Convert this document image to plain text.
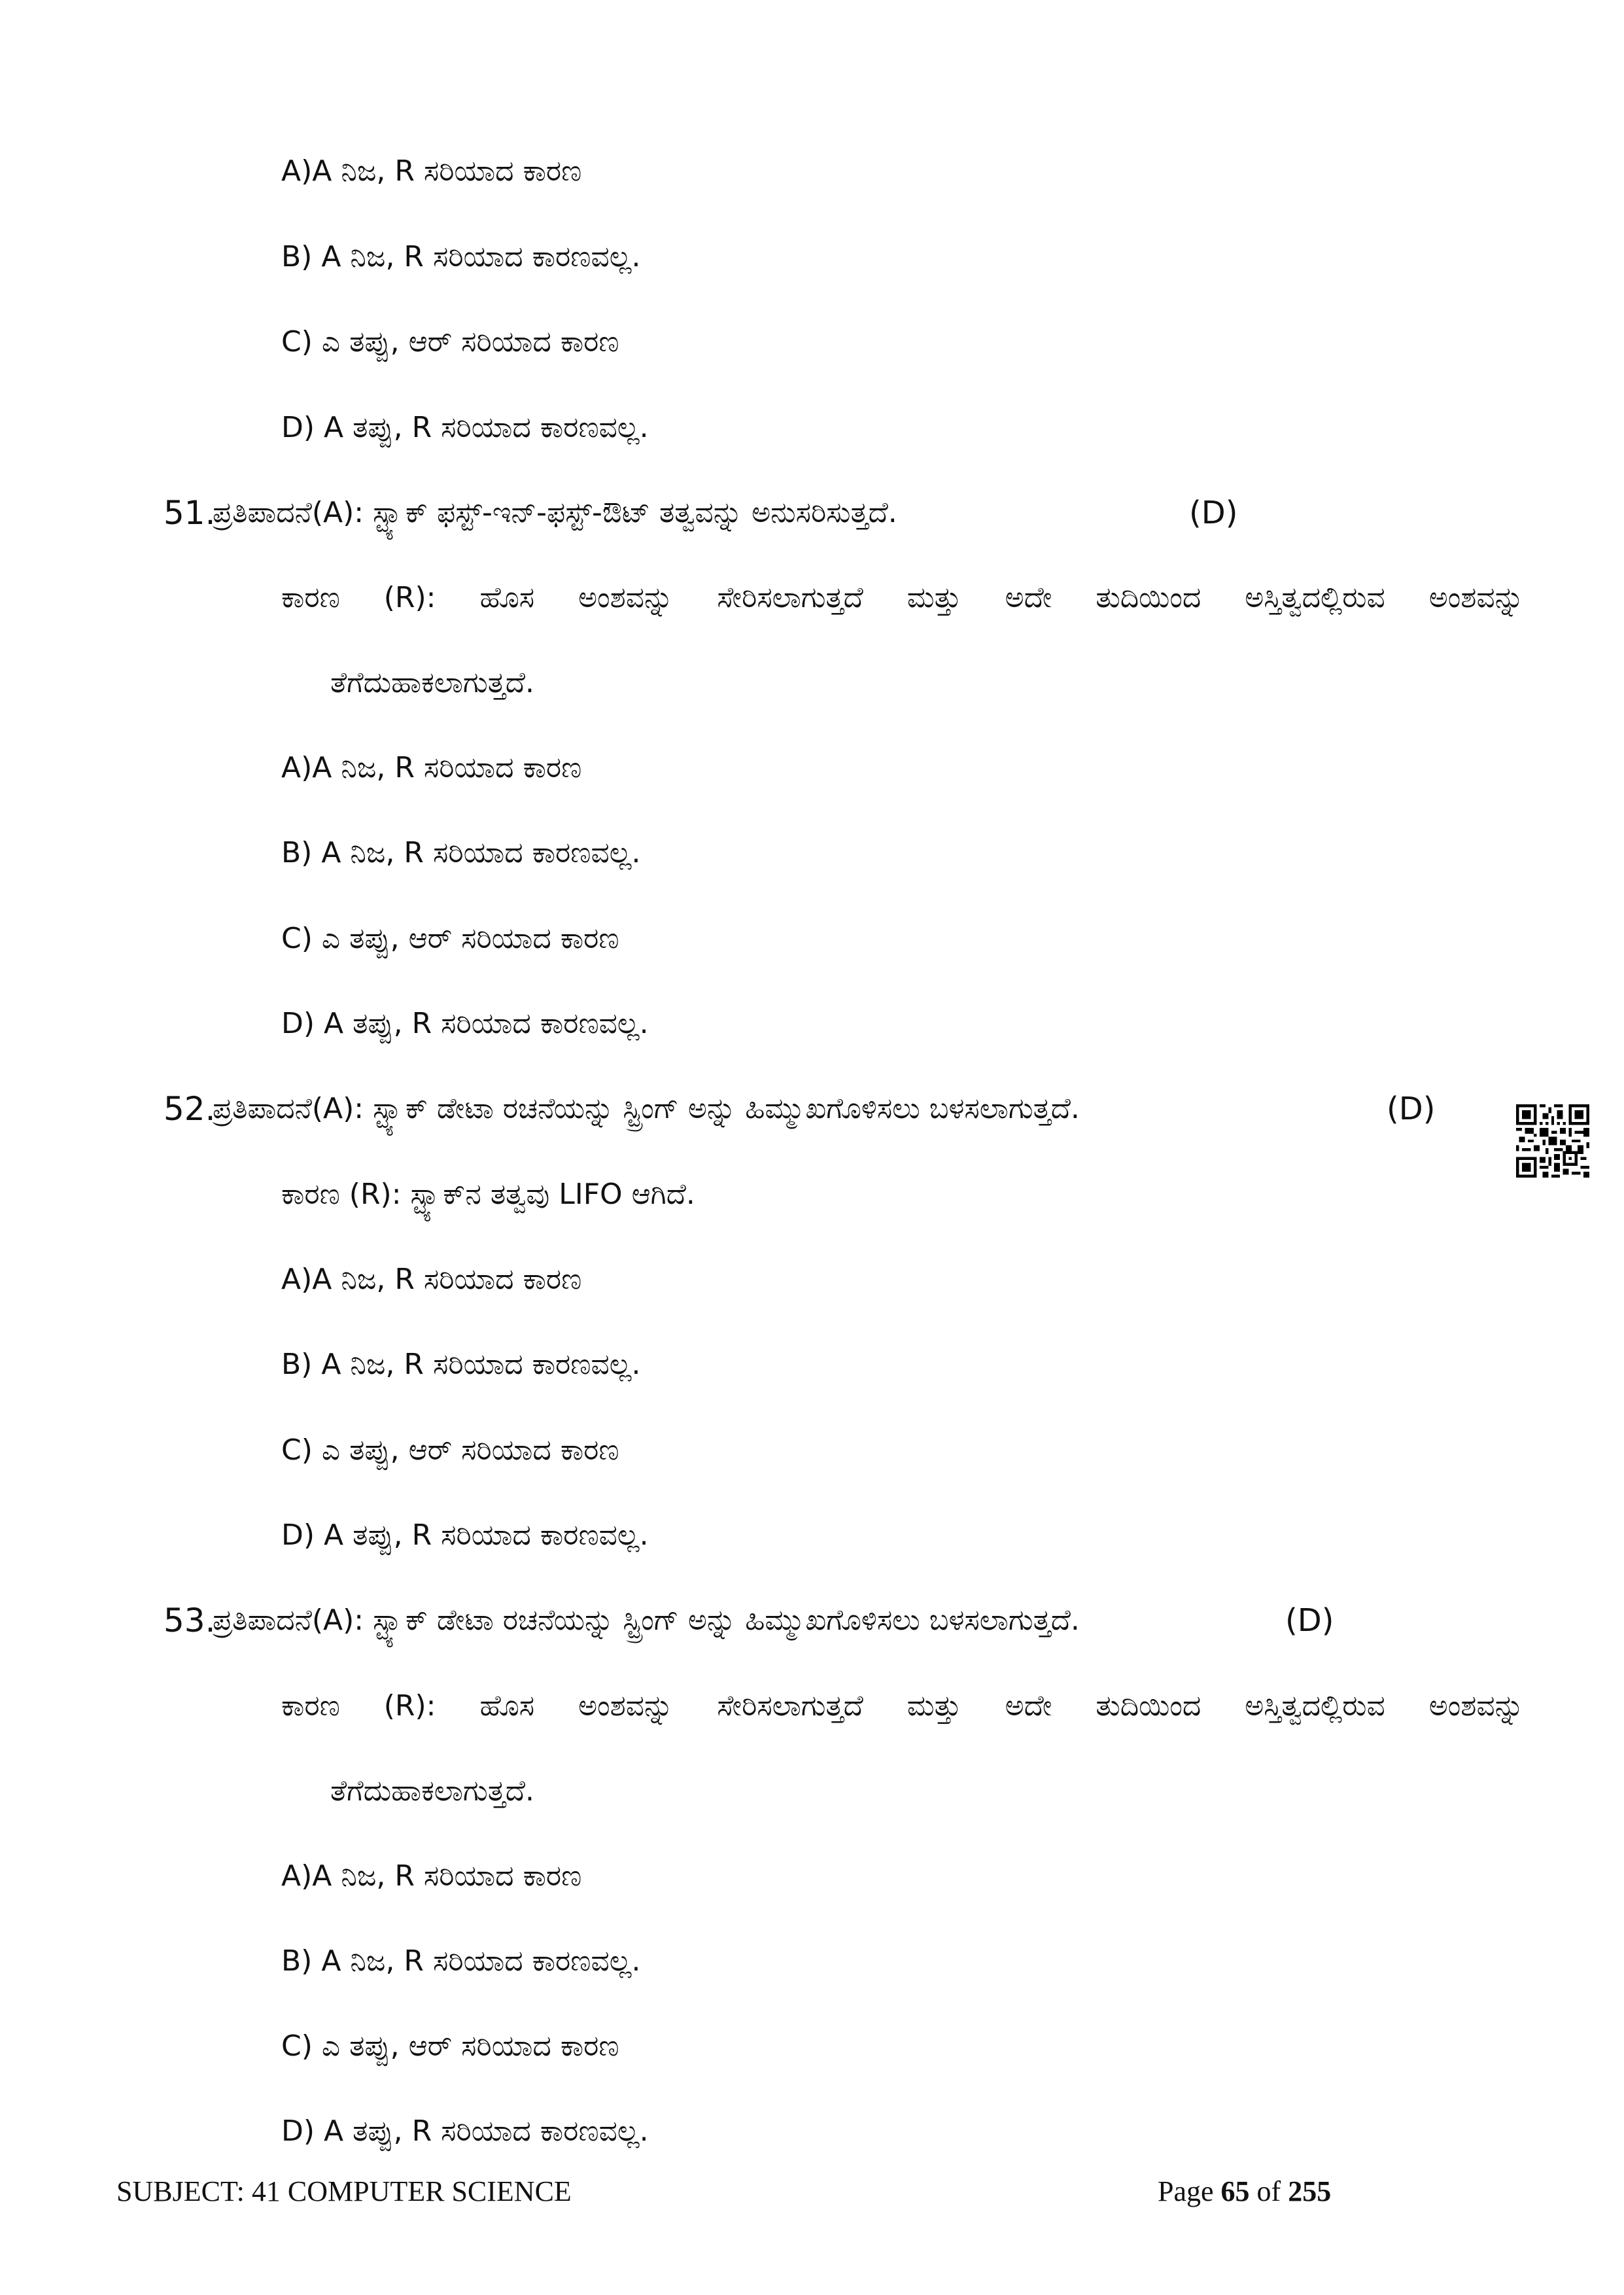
A)A ನಿಜ, R ಸರಿಯಾದ ಕಾರಣ
B) A ನಿಜ, R ಸರಿಯಾದ ಕಾರಣವಲ್ಲ.
C) ಎ ತಪ್ಪು, ಆರ್ ಸರಿಯಾದ ಕಾರಣ
D) A ತಪ್ಪು, R ಸರಿಯಾದ ಕಾರಣವಲ್ಲ.
51.
ಪ್ರತಿಪಾದನೆ(A): ಸ್ಟ್ಯಾಕ್ ಫಸ್ಟ್-ಇನ್-ಫಸ್ಟ್-ಔಟ್ ತತ್ವವನ್ನು ಅನುಸರಿಸುತ್ತದೆ.	(D)
ಕಾರಣ (R): ಹೊಸ ಅಂಶವನ್ನು ಸೇರಿಸಲಾಗುತ್ತದೆ ಮತ್ತು ಅದೇ ತುದಿಯಿಂದ ಅಸ್ತಿತ್ವದಲ್ಲಿರುವ ಅಂಶವನ್ನು
ತೆಗೆದುಹಾಕಲಾಗುತ್ತದೆ.
A)A ನಿಜ, R ಸರಿಯಾದ ಕಾರಣ
B) A ನಿಜ, R ಸರಿಯಾದ ಕಾರಣವಲ್ಲ.
C) ಎ ತಪ್ಪು, ಆರ್ ಸರಿಯಾದ ಕಾರಣ
D) A ತಪ್ಪು, R ಸರಿಯಾದ ಕಾರಣವಲ್ಲ.
52.
ಪ್ರತಿಪಾದನೆ(A): ಸ್ಟ್ಯಾಕ್ ಡೇಟಾ ರಚನೆಯನ್ನು ಸ್ಟ್ರಿಂಗ್ ಅನ್ನು ಹಿಮ್ಮುಖಗೊಳಿಸಲು ಬಳಸಲಾಗುತ್ತದೆ.	(D)
ಕಾರಣ (R): ಸ್ಟ್ಯಾಕ್‌ನ ತತ್ವವು LIFO ಆಗಿದೆ.
A)A ನಿಜ, R ಸರಿಯಾದ ಕಾರಣ
B) A ನಿಜ, R ಸರಿಯಾದ ಕಾರಣವಲ್ಲ.
C) ಎ ತಪ್ಪು, ಆರ್ ಸರಿಯಾದ ಕಾರಣ
D) A ತಪ್ಪು, R ಸರಿಯಾದ ಕಾರಣವಲ್ಲ.
53.
ಪ್ರತಿಪಾದನೆ(A): ಸ್ಟ್ಯಾಕ್ ಡೇಟಾ ರಚನೆಯನ್ನು ಸ್ಟ್ರಿಂಗ್ ಅನ್ನು ಹಿಮ್ಮುಖಗೊಳಿಸಲು ಬಳಸಲಾಗುತ್ತದೆ.	(D)
ಕಾರಣ (R): ಹೊಸ ಅಂಶವನ್ನು ಸೇರಿಸಲಾಗುತ್ತದೆ ಮತ್ತು ಅದೇ ತುದಿಯಿಂದ ಅಸ್ತಿತ್ವದಲ್ಲಿರುವ ಅಂಶವನ್ನು
ತೆಗೆದುಹಾಕಲಾಗುತ್ತದೆ.
A)A ನಿಜ, R ಸರಿಯಾದ ಕಾರಣ
B) A ನಿಜ, R ಸರಿಯಾದ ಕಾರಣವಲ್ಲ.
C) ಎ ತಪ್ಪು, ಆರ್ ಸರಿಯಾದ ಕಾರಣ
D) A ತಪ್ಪು, R ಸರಿಯಾದ ಕಾರಣವಲ್ಲ.
SUBJECT: 41 COMPUTER SCIENCE	Page 65 of 255
